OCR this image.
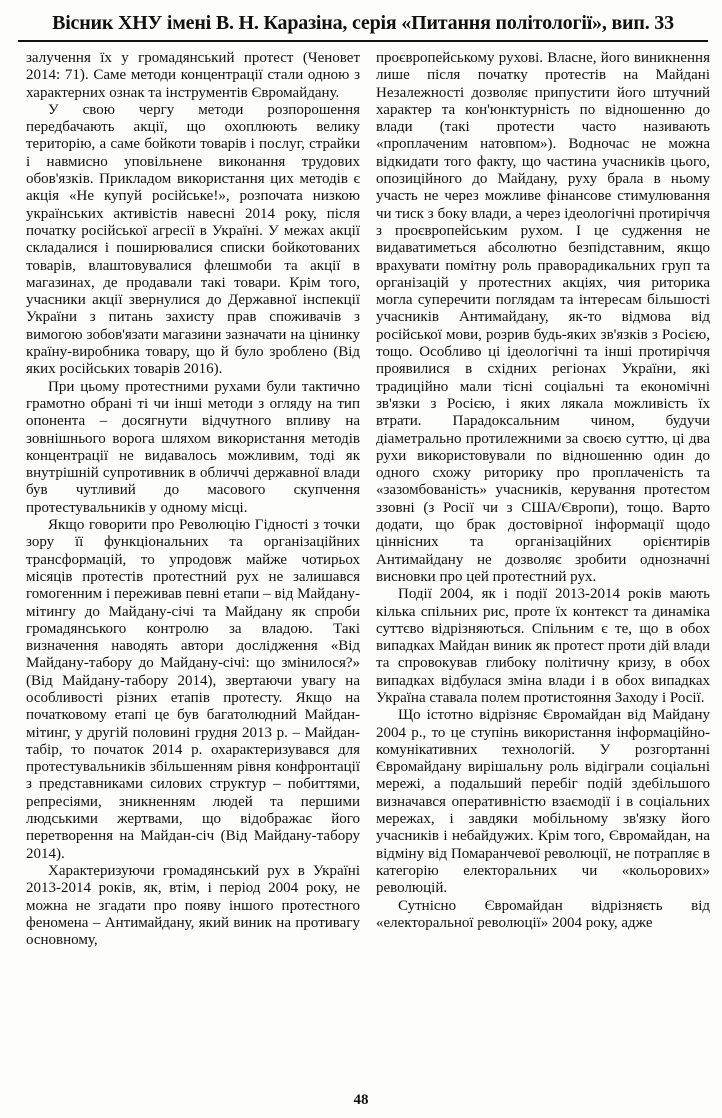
Вісник ХНУ імені В. Н. Каразіна, серія «Питання політології», вип. 33

залучення їх у громадянський протест (Ченовет 2014: 71). Саме методи концентрації стали одною з характерних ознак та інструментів Євромайдану.

У свою чергу методи розпорошення передбачають акції, що охоплюють велику територію, а саме бойкоти товарів і послуг, страйки і навмисно уповільнене виконання трудових обов'язків. Прикладом використання цих методів є акція «Не купуй російське!», розпочата низкою українських активістів навесні 2014 року, після початку російської агресії в Україні. У межах акції складалися і поширювалися списки бойкотованих товарів, влаштовувалися флешмоби та акції в магазинах, де продавали такі товари. Крім того, учасники акції звернулися до Державної інспекції України з питань захисту прав споживачів з вимогою зобов'язати магазини зазначати на цінинку країну-виробника товару, що й було зроблено (Від яких російських товарів 2016).

При цьому протестними рухами були тактично грамотно обрані ті чи інші методи з огляду на тип опонента – досягнути відчутного впливу на зовнішнього ворога шляхом використання методів концентрації не видавалось можливим, тоді як внутрішній супротивник в обличчі державної влади був чутливий до масового скупчення протестувальників у одному місці.

Якщо говорити про Революцію Гідності з точки зору її функціональних та організаційних трансформацій, то упродовж майже чотирьох місяців протестів протестний рух не залишався гомогенним і переживав певні етапи – від Майдану-мітингу до Майдану-січі та Майдану як спроби громадянського контролю за владою. Такі визначення наводять автори дослідження «Від Майдану-табору до Майдану-січі: що змінилося?» (Від Майдану-табору 2014), звертаючи увагу на особливості різних етапів протесту. Якщо на початковому етапі це був багатолюдний Майдан-мітинг, у другій половині грудня 2013 р. – Майдан-табір, то початок 2014 р. охарактеризувався для протестувальників збільшенням рівня конфронтації з представниками силових структур – побиттями, репресіями, зникненням людей та першими людськими жертвами, що відображає його перетворення на Майдан-січ (Від Майдану-табору 2014).

Характеризуючи громадянський рух в Україні 2013-2014 років, як, втім, і період 2004 року, не можна не згадати про появу іншого протестного феномена – Антимайдану, який виник на противагу основному,

проєвропейському рухові. Власне, його виникнення лише після початку протестів на Майдані Незалежності дозволяє припустити його штучний характер та кон'юнктурність по відношенню до влади (такі протести часто називають «проплаченим натовпом»). Водночас не можна відкидати того факту, що частина учасників цього, опозиційного до Майдану, руху брала в ньому участь не через можливе фінансове стимулювання чи тиск з боку влади, а через ідеологічні протиріччя з проєвропейським рухом. І це судження не видаватиметься абсолютно безпідставним, якщо врахувати помітну роль праворадикальних груп та організацій у протестних акціях, чия риторика могла суперечити поглядам та інтересам більшості учасників Антимайдану, як-то відмова від російської мови, розрив будь-яких зв'язків з Росією, тощо. Особливо ці ідеологічні та інші протиріччя проявилися в східних регіонах України, які традиційно мали тісні соціальні та економічні зв'язки з Росією, і яких лякала можливість їх втрати. Парадоксальним чином, будучи діаметрально протилежними за своєю суттю, ці два рухи використовували по відношенню один до одного схожу риторику про проплаченість та «зазомбованість» учасників, керування протестом ззовні (з Росії чи з США/Європи), тощо. Варто додати, що брак достовірної інформації щодо ціннісних та організаційних орієнтирів Антимайдану не дозволяє зробити однозначні висновки про цей протестний рух.

Події 2004, як і події 2013-2014 років мають кілька спільних рис, проте їх контекст та динаміка суттєво відрізняються. Спільним є те, що в обох випадках Майдан виник як протест проти дій влади та спровокував глибоку політичну кризу, в обох випадках відбулася зміна влади і в обох випадках Україна ставала полем протистояння Заходу і Росії.

Що істотно відрізняє Євромайдан від Майдану 2004 р., то це ступінь використання інформаційно-комунікативних технологій. У розгортанні Євромайдану вирішальну роль відіграли соціальні мережі, а подальший перебіг подій здебільшого визначався оперативністю взаємодії і в соціальних мережах, і завдяки мобільному зв'язку його учасників і небайдужих. Крім того, Євромайдан, на відміну від Помаранчевої революції, не потрапляє в категорію електоральних чи «кольорових» революцій.

Сутнісно Євромайдан відрізняєть від «електоральної революції» 2004 року, адже

48
